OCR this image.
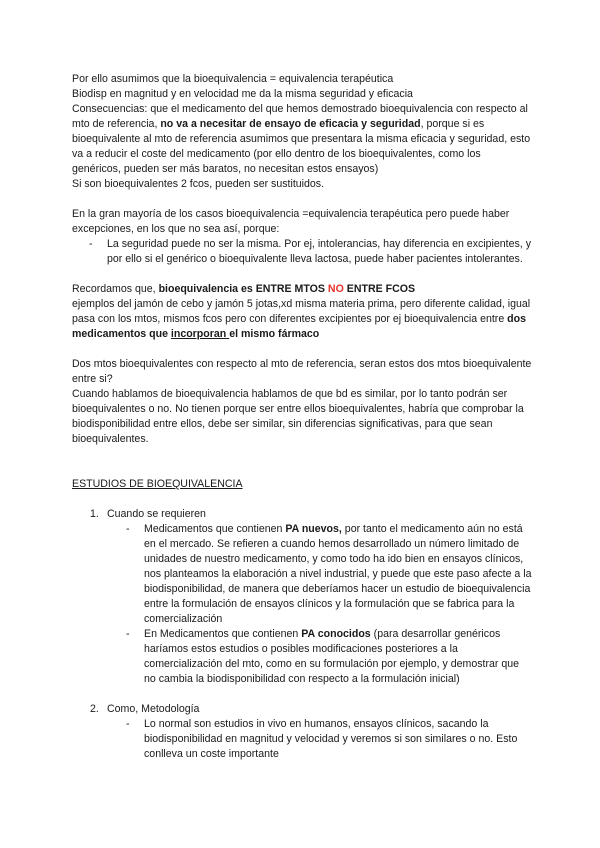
Por ello asumimos que la bioequivalencia = equivalencia terapéutica

Biodisp en magnitud y en velocidad me da la misma seguridad y eficacia

Consecuencias: que el medicamento del que hemos demostrado bioequivalencia con respecto al mto de referencia, no va a necesitar de ensayo de eficacia y seguridad, porque si es bioequivalente al mto de referencia asumimos que presentara la misma eficacia y seguridad, esto va a reducir el coste del medicamento (por ello dentro de los bioequivalentes, como los genéricos, pueden ser más baratos, no necesitan estos ensayos)

Si son bioequivalentes 2 fcos, pueden ser sustituidos.

En la gran mayoría de los casos bioequivalencia =equivalencia terapéutica pero puede haber excepciones, en los que no sea así, porque:

- La seguridad puede no ser la misma. Por ej, intolerancias, hay diferencia en excipientes, y por ello si el genérico o bioequivalente lleva lactosa, puede haber pacientes intolerantes.

Recordamos que, bioequivalencia es ENTRE MTOS NO ENTRE FCOS

ejemplos del jamón de cebo y jamón 5 jotas,xd misma materia prima, pero diferente calidad, igual pasa con los mtos, mismos fcos pero con diferentes excipientes por ej bioequivalencia entre dos medicamentos que incorporan el mismo fármaco

Dos mtos bioequivalentes con respecto al mto de referencia, seran estos dos mtos bioequivalente entre si?

Cuando hablamos de bioequivalencia hablamos de que bd es similar, por lo tanto podrán ser bioequivalentes o no. No tienen porque ser entre ellos bioequivalentes, habría que comprobar la biodisponibilidad entre ellos, debe ser similar, sin diferencias significativas, para que sean bioequivalentes.

ESTUDIOS DE BIOEQUIVALENCIA

1. Cuando se requieren
- Medicamentos que contienen PA nuevos, por tanto el medicamento aún no está en el mercado. Se refieren a cuando hemos desarrollado un número limitado de unidades de nuestro medicamento, y como todo ha ido bien en ensayos clínicos, nos planteamos la elaboración a nivel industrial, y puede que este paso afecte a la biodisponibilidad, de manera que deberíamos hacer un estudio de bioequivalencia entre la formulación de ensayos clínicos y la formulación que se fabrica para la comercialización
- En Medicamentos que contienen PA conocidos (para desarrollar genéricos haríamos estos estudios o posibles modificaciones posteriores a la comercialización del mto, como en su formulación por ejemplo, y demostrar que no cambia la biodisponibilidad con respecto a la formulación inicial)
2. Como, Metodología
- Lo normal son estudios in vivo en humanos, ensayos clínicos, sacando la biodisponibilidad en magnitud y velocidad y veremos si son similares o no. Esto conlleva un coste importante
